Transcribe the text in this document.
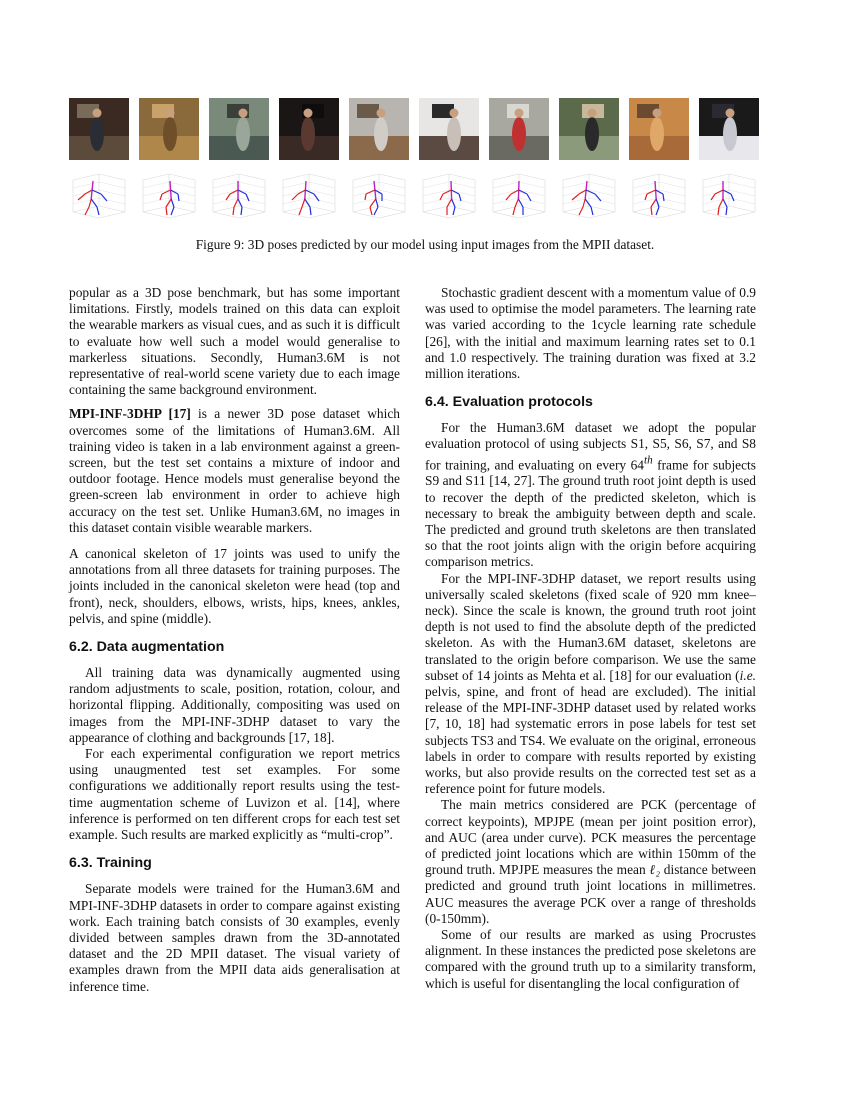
Figure 9: 3D poses predicted by our model using input images from the MPII dataset.

popular as a 3D pose benchmark, but has some important limitations. Firstly, models trained on this data can exploit the wearable markers as visual cues, and as such it is difficult to evaluate how well such a model would generalise to markerless situations. Secondly, Human3.6M is not representative of real-world scene variety due to each image containing the same background environment.

MPI-INF-3DHP [17] is a newer 3D pose dataset which overcomes some of the limitations of Human3.6M. All training video is taken in a lab environment against a green-screen, but the test set contains a mixture of indoor and outdoor footage. Hence models must generalise beyond the green-screen lab environment in order to achieve high accuracy on the test set. Unlike Human3.6M, no images in this dataset contain visible wearable markers.

A canonical skeleton of 17 joints was used to unify the annotations from all three datasets for training purposes. The joints included in the canonical skeleton were head (top and front), neck, shoulders, elbows, wrists, hips, knees, ankles, pelvis, and spine (middle).

6.2. Data augmentation

All training data was dynamically augmented using random adjustments to scale, position, rotation, colour, and horizontal flipping. Additionally, compositing was used on images from the MPI-INF-3DHP dataset to vary the appearance of clothing and backgrounds [17, 18].

For each experimental configuration we report metrics using unaugmented test set examples. For some configurations we additionally report results using the test-time augmentation scheme of Luvizon et al. [14], where inference is performed on ten different crops for each test set example. Such results are marked explicitly as “multi-crop”.

6.3. Training

Separate models were trained for the Human3.6M and MPI-INF-3DHP datasets in order to compare against existing work. Each training batch consists of 30 examples, evenly divided between samples drawn from the 3D-annotated dataset and the 2D MPII dataset. The visual variety of examples drawn from the MPII data aids generalisation at inference time.

Stochastic gradient descent with a momentum value of 0.9 was used to optimise the model parameters. The learning rate was varied according to the 1cycle learning rate schedule [26], with the initial and maximum learning rates set to 0.1 and 1.0 respectively. The training duration was fixed at 3.2 million iterations.

6.4. Evaluation protocols

For the Human3.6M dataset we adopt the popular evaluation protocol of using subjects S1, S5, S6, S7, and S8 for training, and evaluating on every 64th frame for subjects S9 and S11 [14, 27]. The ground truth root joint depth is used to recover the depth of the predicted skeleton, which is necessary to break the ambiguity between depth and scale. The predicted and ground truth skeletons are then translated so that the root joints align with the origin before acquiring comparison metrics.

For the MPI-INF-3DHP dataset, we report results using universally scaled skeletons (fixed scale of 920 mm knee–neck). Since the scale is known, the ground truth root joint depth is not used to find the absolute depth of the predicted skeleton. As with the Human3.6M dataset, skeletons are translated to the origin before comparison. We use the same subset of 14 joints as Mehta et al. [18] for our evaluation (i.e. pelvis, spine, and front of head are excluded). The initial release of the MPI-INF-3DHP dataset used by related works [7, 10, 18] had systematic errors in pose labels for test set subjects TS3 and TS4. We evaluate on the original, erroneous labels in order to compare with results reported by existing works, but also provide results on the corrected test set as a reference point for future models.

The main metrics considered are PCK (percentage of correct keypoints), MPJPE (mean per joint position error), and AUC (area under curve). PCK measures the percentage of predicted joint locations which are within 150mm of the ground truth. MPJPE measures the mean ℓ₂ distance between predicted and ground truth joint locations in millimetres. AUC measures the average PCK over a range of thresholds (0-150mm).

Some of our results are marked as using Procrustes alignment. In these instances the predicted pose skeletons are compared with the ground truth up to a similarity transform, which is useful for disentangling the local configuration of
